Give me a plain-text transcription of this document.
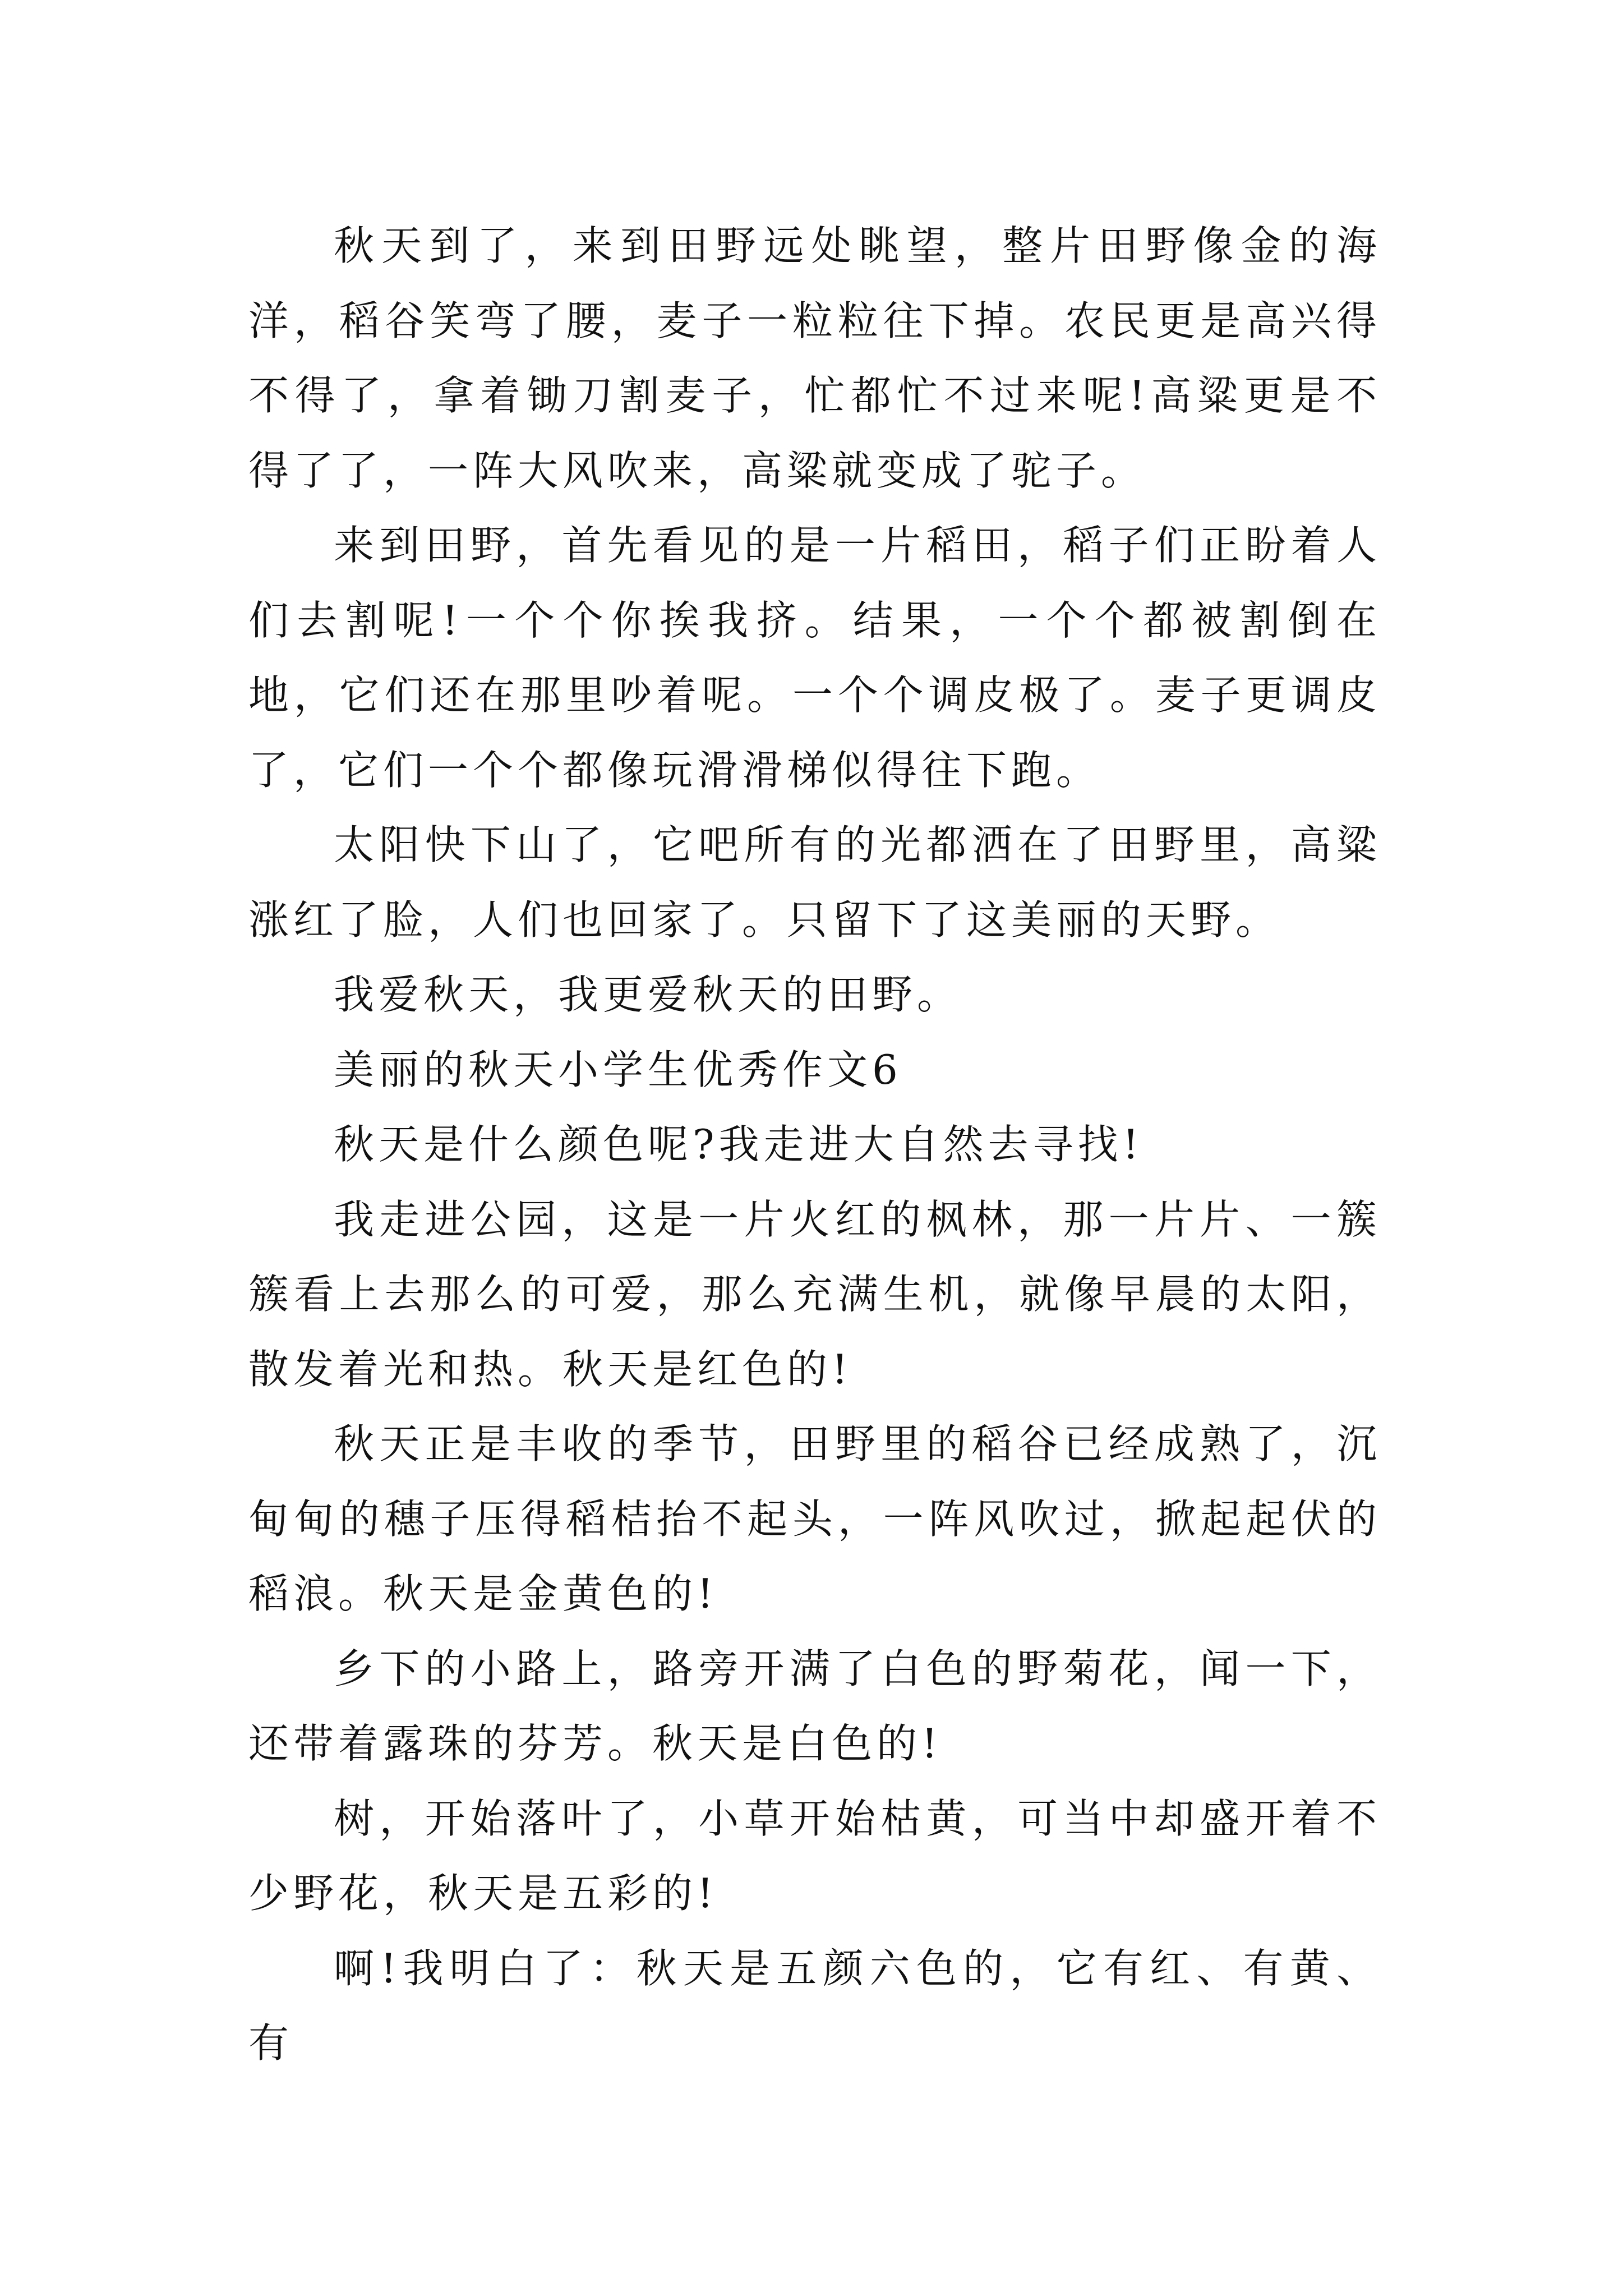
秋天到了，来到田野远处眺望，整片田野像金的海洋，稻谷笑弯了腰，麦子一粒粒往下掉。农民更是高兴得不得了，拿着锄刀割麦子，忙都忙不过来呢!高粱更是不得了了，一阵大风吹来，高粱就变成了驼子。

来到田野，首先看见的是一片稻田，稻子们正盼着人们去割呢!一个个你挨我挤。结果，一个个都被割倒在地，它们还在那里吵着呢。一个个调皮极了。麦子更调皮了，它们一个个都像玩滑滑梯似得往下跑。

太阳快下山了，它吧所有的光都洒在了田野里，高粱涨红了脸，人们也回家了。只留下了这美丽的天野。

我爱秋天，我更爱秋天的田野。

美丽的秋天小学生优秀作文6

秋天是什么颜色呢?我走进大自然去寻找!

我走进公园，这是一片火红的枫林，那一片片、一簇簇看上去那么的可爱，那么充满生机，就像早晨的太阳，散发着光和热。秋天是红色的!

秋天正是丰收的季节，田野里的稻谷已经成熟了，沉甸甸的穗子压得稻桔抬不起头，一阵风吹过，掀起起伏的稻浪。秋天是金黄色的!

乡下的小路上，路旁开满了白色的野菊花，闻一下，还带着露珠的芬芳。秋天是白色的!

树，开始落叶了，小草开始枯黄，可当中却盛开着不少野花，秋天是五彩的!

啊!我明白了：秋天是五颜六色的，它有红、有黄、有
